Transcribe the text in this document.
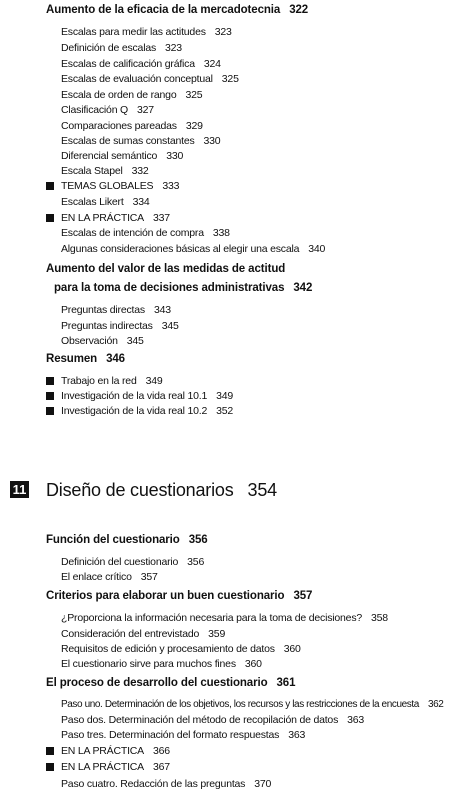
Aumento de la eficacia de la mercadotecnia 322
Escalas para medir las actitudes 323
Definición de escalas 323
Escalas de calificación gráfica 324
Escalas de evaluación conceptual 325
Escala de orden de rango 325
Clasificación Q 327
Comparaciones pareadas 329
Escalas de sumas constantes 330
Diferencial semántico 330
Escala Stapel 332
TEMAS GLOBALES 333
Escalas Likert 334
EN LA PRÁCTICA 337
Escalas de intención de compra 338
Algunas consideraciones básicas al elegir una escala 340
Aumento del valor de las medidas de actitud
para la toma de decisiones administrativas 342
Preguntas directas 343
Preguntas indirectas 345
Observación 345
Resumen 346
Trabajo en la red 349
Investigación de la vida real 10.1 349
Investigación de la vida real 10.2 352
11 Diseño de cuestionarios 354
Función del cuestionario 356
Definición del cuestionario 356
El enlace crítico 357
Criterios para elaborar un buen cuestionario 357
¿Proporciona la información necesaria para la toma de decisiones? 358
Consideración del entrevistado 359
Requisitos de edición y procesamiento de datos 360
El cuestionario sirve para muchos fines 360
El proceso de desarrollo del cuestionario 361
Paso uno. Determinación de los objetivos, los recursos y las restricciones de la encuesta 362
Paso dos. Determinación del método de recopilación de datos 363
Paso tres. Determinación del formato respuestas 363
EN LA PRÁCTICA 366
EN LA PRÁCTICA 367
Paso cuatro. Redacción de las preguntas 370
